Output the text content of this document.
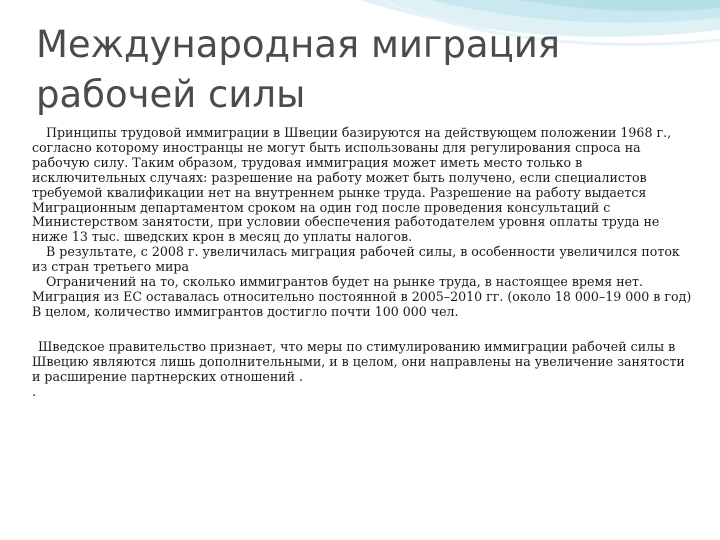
Международная миграция
рабочей силы

Принципы трудовой иммиграции в Швеции базируются на действующем положении 1968 г., согласно которому иностранцы не могут быть использованы для регулирования спроса на рабочую силу. Таким образом, трудовая иммиграция может иметь место только в исключительных случаях: разрешение на работу может быть получено, если специалистов требуемой квалификации нет на внутреннем рынке труда. Разрешение на работу выдается Миграционным департаментом сроком на один год после проведения консультаций с Министерством занятости, при условии обеспечения работодателем уровня оплаты труда не ниже 13 тыс. шведских крон в месяц до уплаты налогов.

В результате, с 2008 г. увеличилась миграция рабочей силы, в особенности увеличился поток из стран третьего мира

Ограничений на то, сколько иммигрантов будет на рынке труда, в настоящее время нет. Миграция из ЕС оставалась относительно постоянной в 2005–2010 гг. (около 18 000–19 000 в год) В целом, количество иммигрантов достигло почти 100 000 чел.

Шведское правительство признает, что меры по стимулированию иммиграции рабочей силы в Швецию являются лишь дополнительными, и в целом, они направлены на увеличение занятости и расширение партнерских отношений .

.
